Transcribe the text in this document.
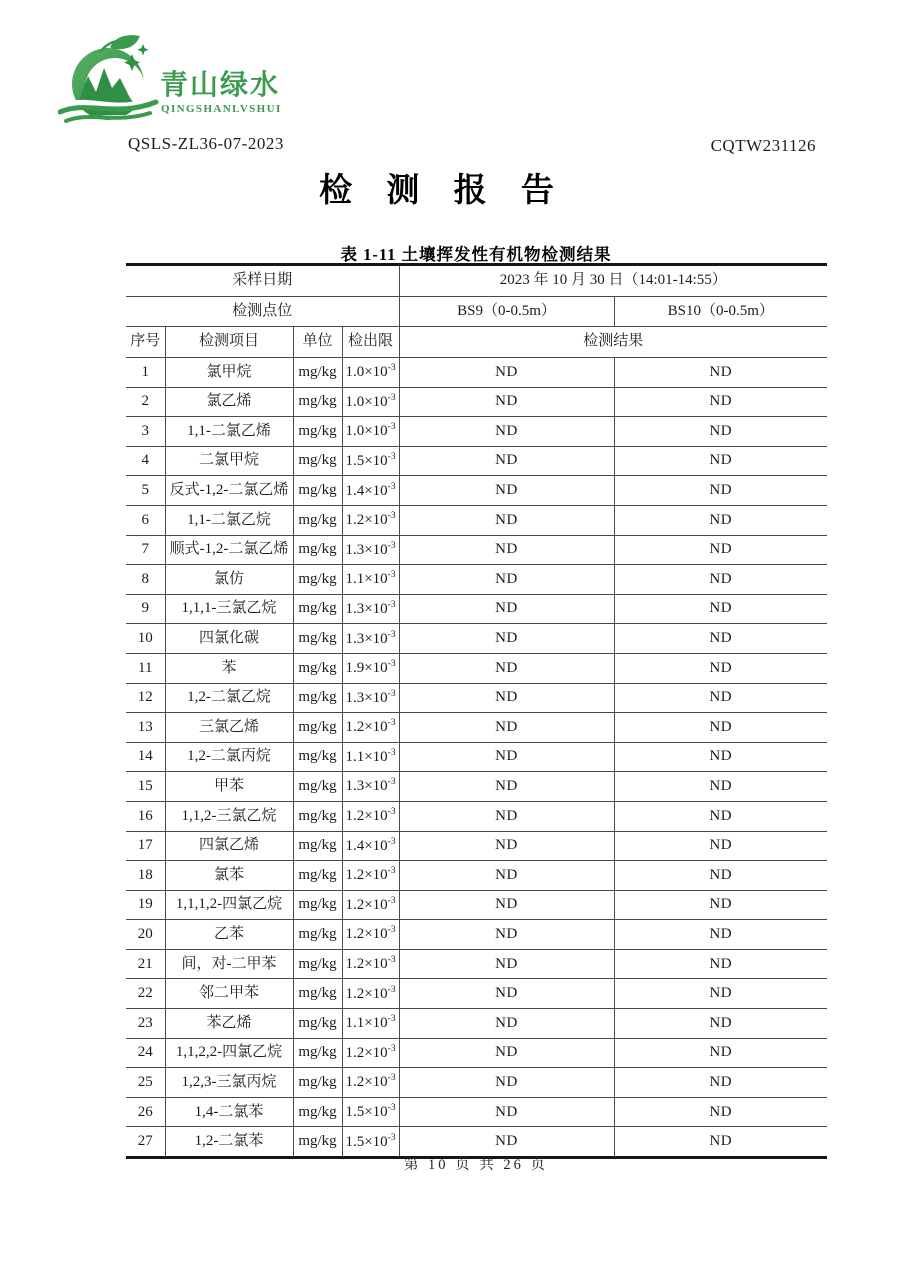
青山绿水
QINGSHANLVSHUI
QSLS-ZL36-07-2023	CQTW231126
检 测 报 告
表 1-11 土壤挥发性有机物检测结果
采样日期				2023 年 10 月 30 日（14:01-14:55）	
检测点位				BS9（0-0.5m）	BS10（0-0.5m）
序号	检测项目	单位	检出限	检测结果	
1	氯甲烷	mg/kg	$1.0\times 10^{-3}$	ND	ND
2	氯乙烯	mg/kg	$1.0\times 10^{-3}$	ND	ND
3	1,1-二氯乙烯	mg/kg	$1.0\times 10^{-3}$	ND	ND
4	二氯甲烷	mg/kg	$1.5\times 10^{-3}$	ND	ND
5	反式-1,2-二氯乙烯	mg/kg	$1.4\times 10^{-3}$	ND	ND
6	1,1-二氯乙烷	mg/kg	$1.2\times 10^{-3}$	ND	ND
7	顺式-1,2-二氯乙烯	mg/kg	$1.3\times 10^{-3}$	ND	ND
8	氯仿	mg/kg	$1.1\times 10^{-3}$	ND	ND
9	1,1,1-三氯乙烷	mg/kg	$1.3\times 10^{-3}$	ND	ND
10	四氯化碳	mg/kg	$1.3\times 10^{-3}$	ND	ND
11	苯	mg/kg	$1.9\times 10^{-3}$	ND	ND
12	1,2-二氯乙烷	mg/kg	$1.3\times 10^{-3}$	ND	ND
13	三氯乙烯	mg/kg	$1.2\times 10^{-3}$	ND	ND
14	1,2-二氯丙烷	mg/kg	$1.1\times 10^{-3}$	ND	ND
15	甲苯	mg/kg	$1.3\times 10^{-3}$	ND	ND
16	1,1,2-三氯乙烷	mg/kg	$1.2\times 10^{-3}$	ND	ND
17	四氯乙烯	mg/kg	$1.4\times 10^{-3}$	ND	ND
18	氯苯	mg/kg	$1.2\times 10^{-3}$	ND	ND
19	1,1,1,2-四氯乙烷	mg/kg	$1.2\times 10^{-3}$	ND	ND
20	乙苯	mg/kg	$1.2\times 10^{-3}$	ND	ND
21	间，对-二甲苯	mg/kg	$1.2\times 10^{-3}$	ND	ND
22	邻二甲苯	mg/kg	$1.2\times 10^{-3}$	ND	ND
23	苯乙烯	mg/kg	$1.1\times 10^{-3}$	ND	ND
24	1,1,2,2-四氯乙烷	mg/kg	$1.2\times 10^{-3}$	ND	ND
25	1,2,3-三氯丙烷	mg/kg	$1.2\times 10^{-3}$	ND	ND
26	1,4-二氯苯	mg/kg	$1.5\times 10^{-3}$	ND	ND
27	1,2-二氯苯	mg/kg	$1.5\times 10^{-3}$	ND	ND
第 10 页 共 26 页
